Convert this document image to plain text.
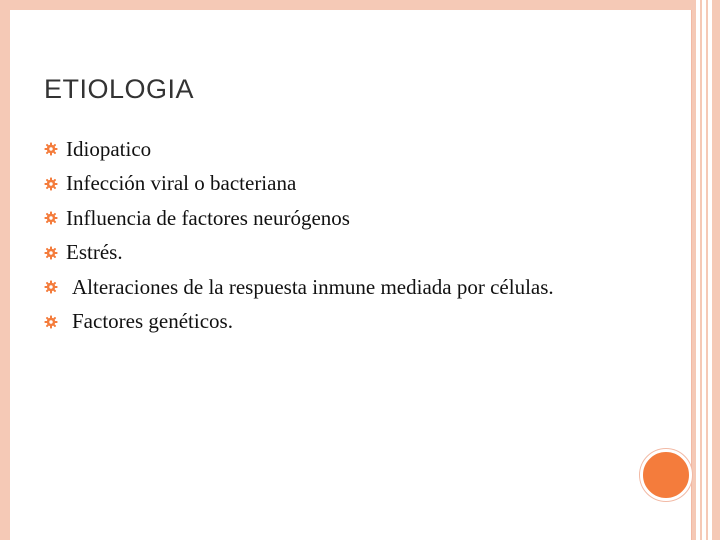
ETIOLOGIA
Idiopatico
Infección viral o bacteriana
Influencia de factores neurógenos
Estrés.
Alteraciones de la respuesta inmune mediada por células.
Factores genéticos.
